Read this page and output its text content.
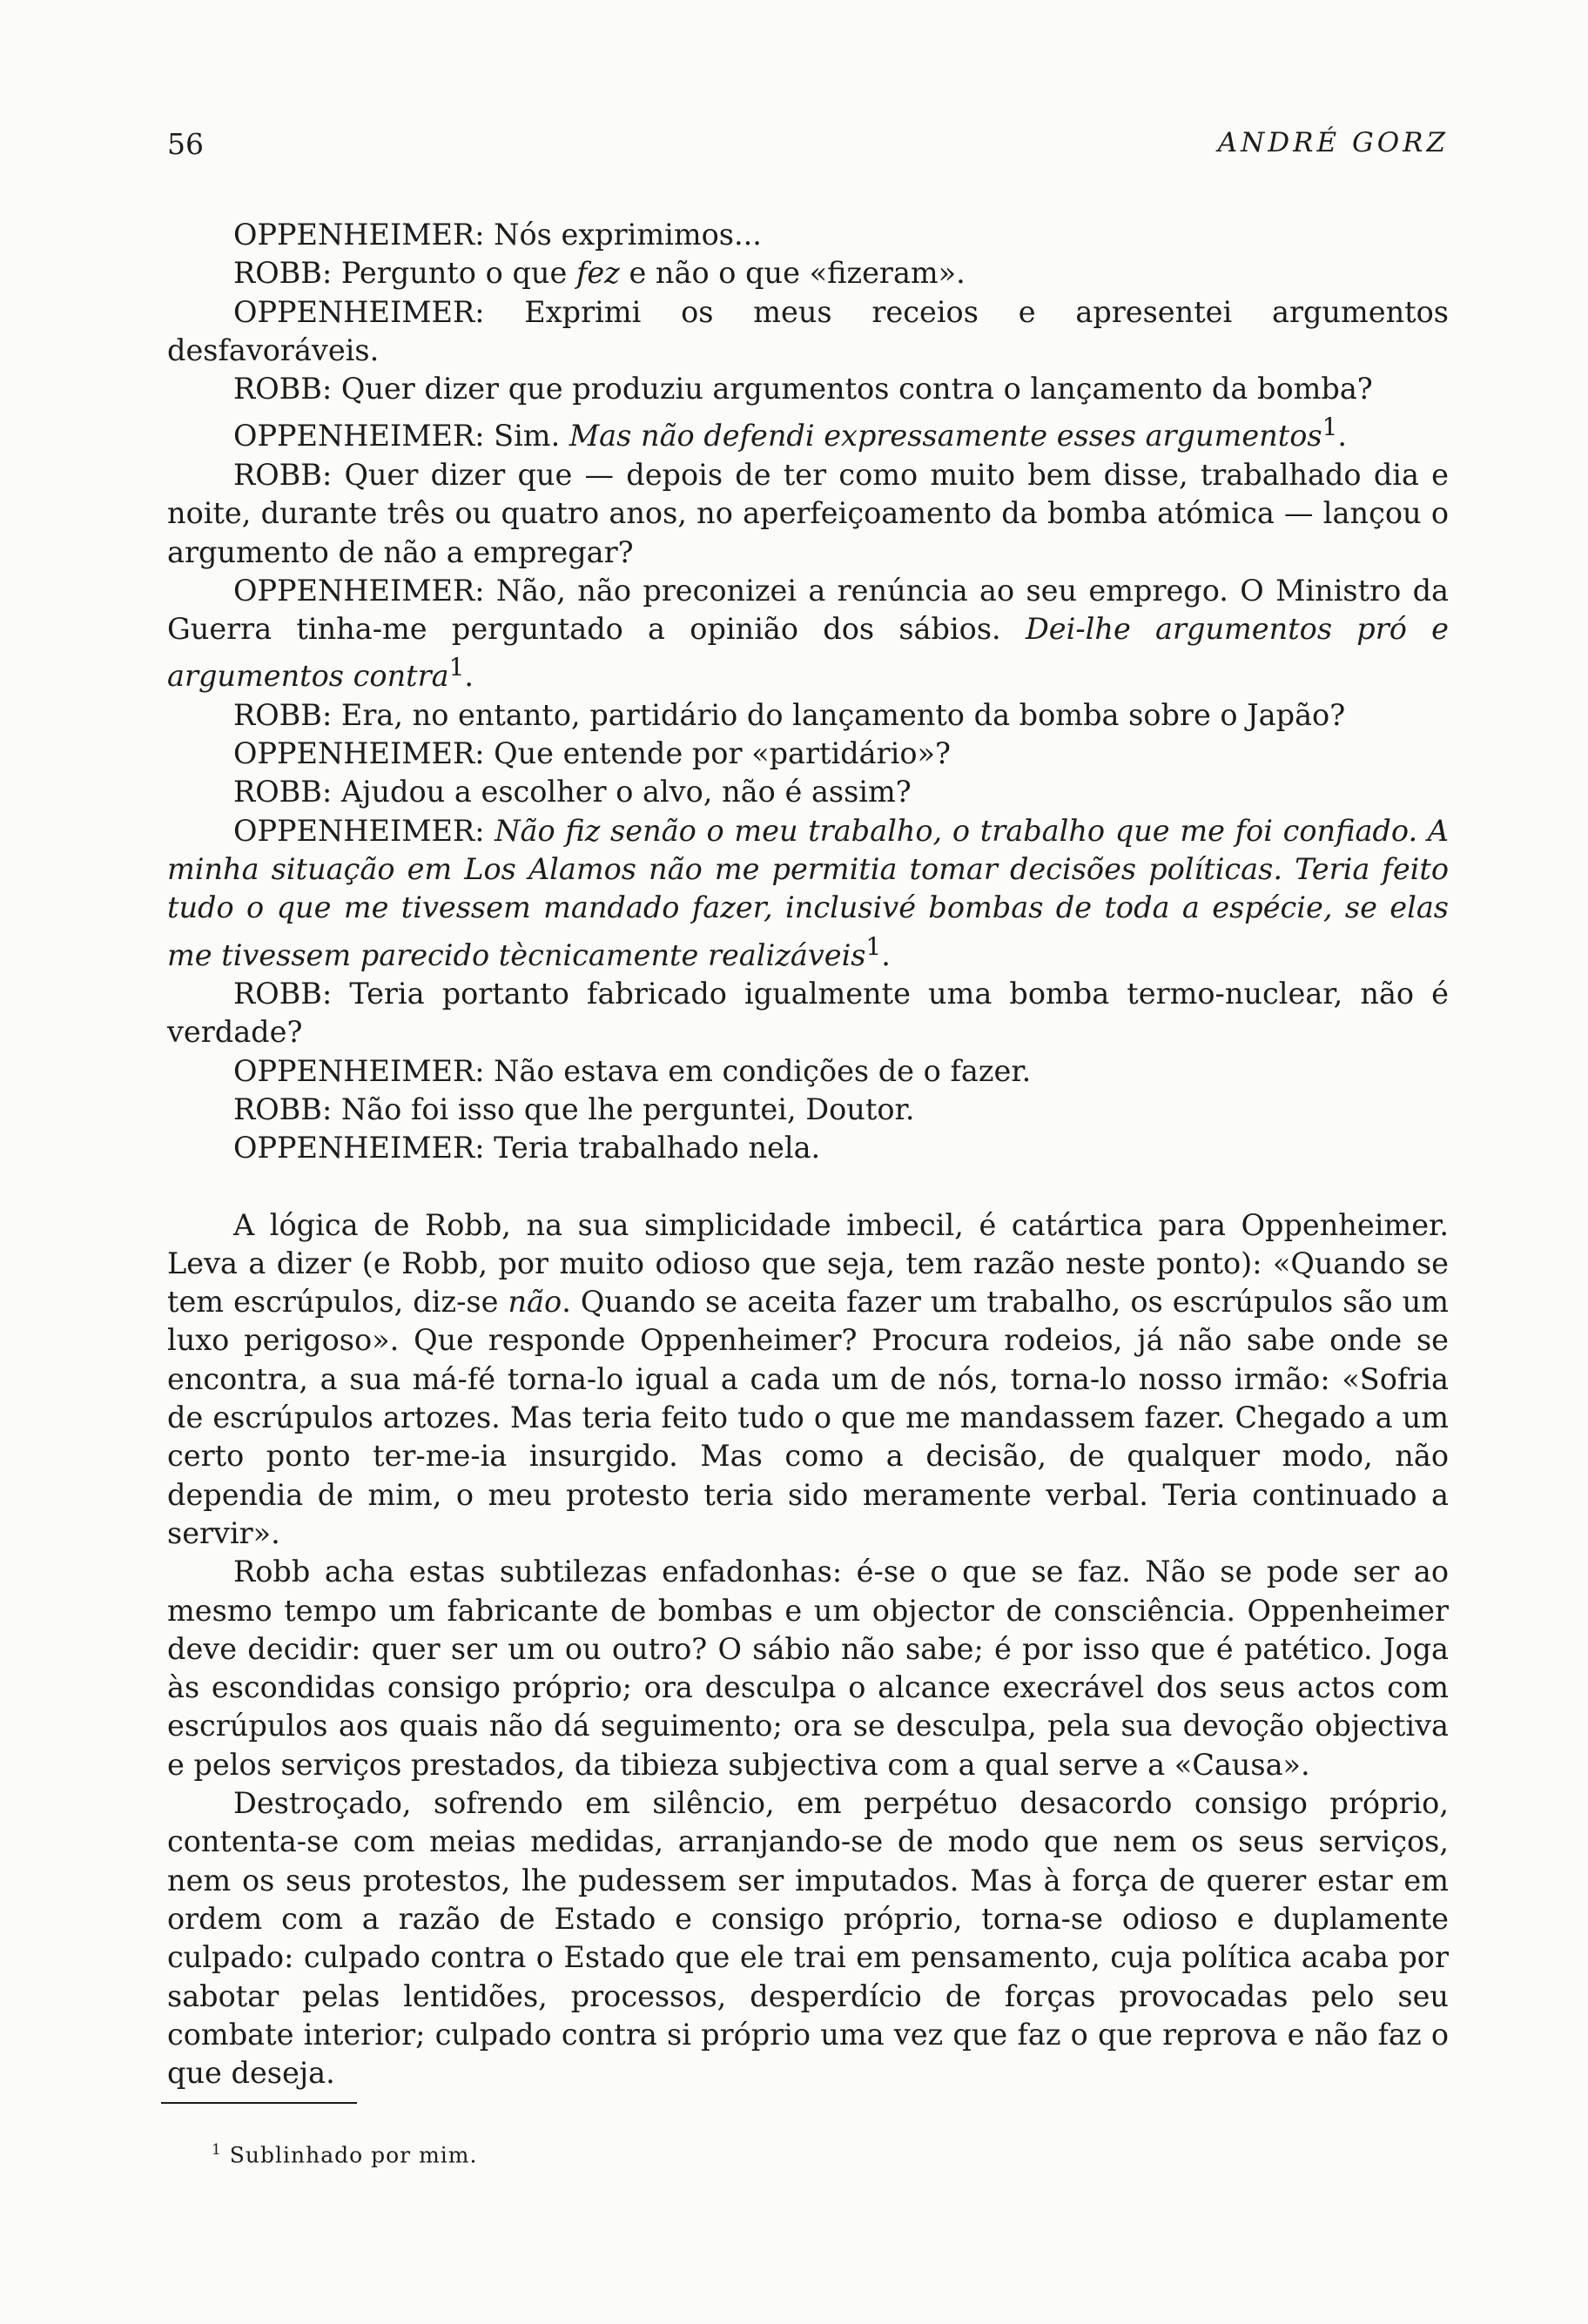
56	ANDRÉ GORZ

OPPENHEIMER: Nós exprimimos...

ROBB: Pergunto o que fez e não o que «fizeram».

OPPENHEIMER: Exprimi os meus receios e apresentei argumentos desfavoráveis.

ROBB: Quer dizer que produziu argumentos contra o lançamento da bomba?

OPPENHEIMER: Sim. Mas não defendi expressamente esses argumentos$^1$.

ROBB: Quer dizer que — depois de ter como muito bem disse, trabalhado dia e noite, durante três ou quatro anos, no aperfeiçoamento da bomba atómica — lançou o argumento de não a empregar?

OPPENHEIMER: Não, não preconizei a renúncia ao seu emprego. O Ministro da Guerra tinha-me perguntado a opinião dos sábios. Dei-lhe argumentos pró e argumentos contra$^1$.

ROBB: Era, no entanto, partidário do lançamento da bomba sobre o Japão?

OPPENHEIMER: Que entende por «partidário»?

ROBB: Ajudou a escolher o alvo, não é assim?

OPPENHEIMER: Não fiz senão o meu trabalho, o trabalho que me foi confiado. A minha situação em Los Alamos não me permitia tomar decisões políticas. Teria feito tudo o que me tivessem mandado fazer, inclusivé bombas de toda a espécie, se elas me tivessem parecido tècnicamente realizáveis$^1$.

ROBB: Teria portanto fabricado igualmente uma bomba termo-nuclear, não é verdade?

OPPENHEIMER: Não estava em condições de o fazer.

ROBB: Não foi isso que lhe perguntei, Doutor.

OPPENHEIMER: Teria trabalhado nela.

A lógica de Robb, na sua simplicidade imbecil, é catártica para Oppenheimer. Leva a dizer (e Robb, por muito odioso que seja, tem razão neste ponto): «Quando se tem escrúpulos, diz-se não. Quando se aceita fazer um trabalho, os escrúpulos são um luxo perigoso». Que responde Oppenheimer? Procura rodeios, já não sabe onde se encontra, a sua má-fé torna-lo igual a cada um de nós, torna-lo nosso irmão: «Sofria de escrúpulos artozes. Mas teria feito tudo o que me mandassem fazer. Chegado a um certo ponto ter-me-ia insurgido. Mas como a decisão, de qualquer modo, não dependia de mim, o meu protesto teria sido meramente verbal. Teria continuado a servir».

Robb acha estas subtilezas enfadonhas: é-se o que se faz. Não se pode ser ao mesmo tempo um fabricante de bombas e um objector de consciência. Oppenheimer deve decidir: quer ser um ou outro? O sábio não sabe; é por isso que é patético. Joga às escondidas consigo próprio; ora desculpa o alcance execrável dos seus actos com escrúpulos aos quais não dá seguimento; ora se desculpa, pela sua devoção objectiva e pelos serviços prestados, da tibieza subjectiva com a qual serve a «Causa».

Destroçado, sofrendo em silêncio, em perpétuo desacordo consigo próprio, contenta-se com meias medidas, arranjando-se de modo que nem os seus serviços, nem os seus protestos, lhe pudessem ser imputados. Mas à força de querer estar em ordem com a razão de Estado e consigo próprio, torna-se odioso e duplamente culpado: culpado contra o Estado que ele trai em pensamento, cuja política acaba por sabotar pelas lentidões, processos, desperdício de forças provocadas pelo seu combate interior; culpado contra si próprio uma vez que faz o que reprova e não faz o que deseja.

$^1$ Sublinhado por mim.
